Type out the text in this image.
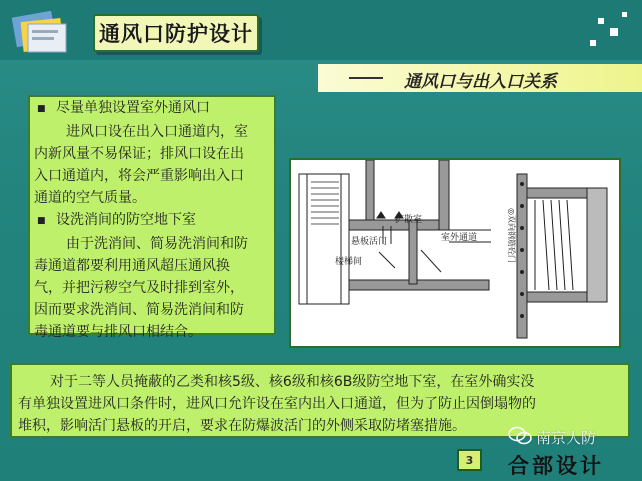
通风口防护设计
通风口与出入口关系
■ 尽量单独设置室外通风口
进风口设在出入口通道内，室
内新风量不易保证；排风口设在出
入口通道内，将会严重影响出入口
通道的空气质量。
■ 设洗消间的防空地下室
由于洗消间、简易洗消间和防
毒通道都要利用通风超压通风换
气，并把污秽空气及时排到室外，
因而要求洗消间、简易洗消间和防
毒通道要与排风口相结合。
悬板活门
扩散室
楼梯间
室外通道	◎双向钢筋砼门
对于二等人员掩蔽的乙类和核5级、核6级和核6B级防空地下室，在室外确实没
有单独设置进风口条件时，进风口允许设在室内出入口通道，但为了防止因倒塌物的
堆积，影响活门悬板的开启，要求在防爆波活门的外侧采取防堵塞措施。
3
南京人防
合部设计
